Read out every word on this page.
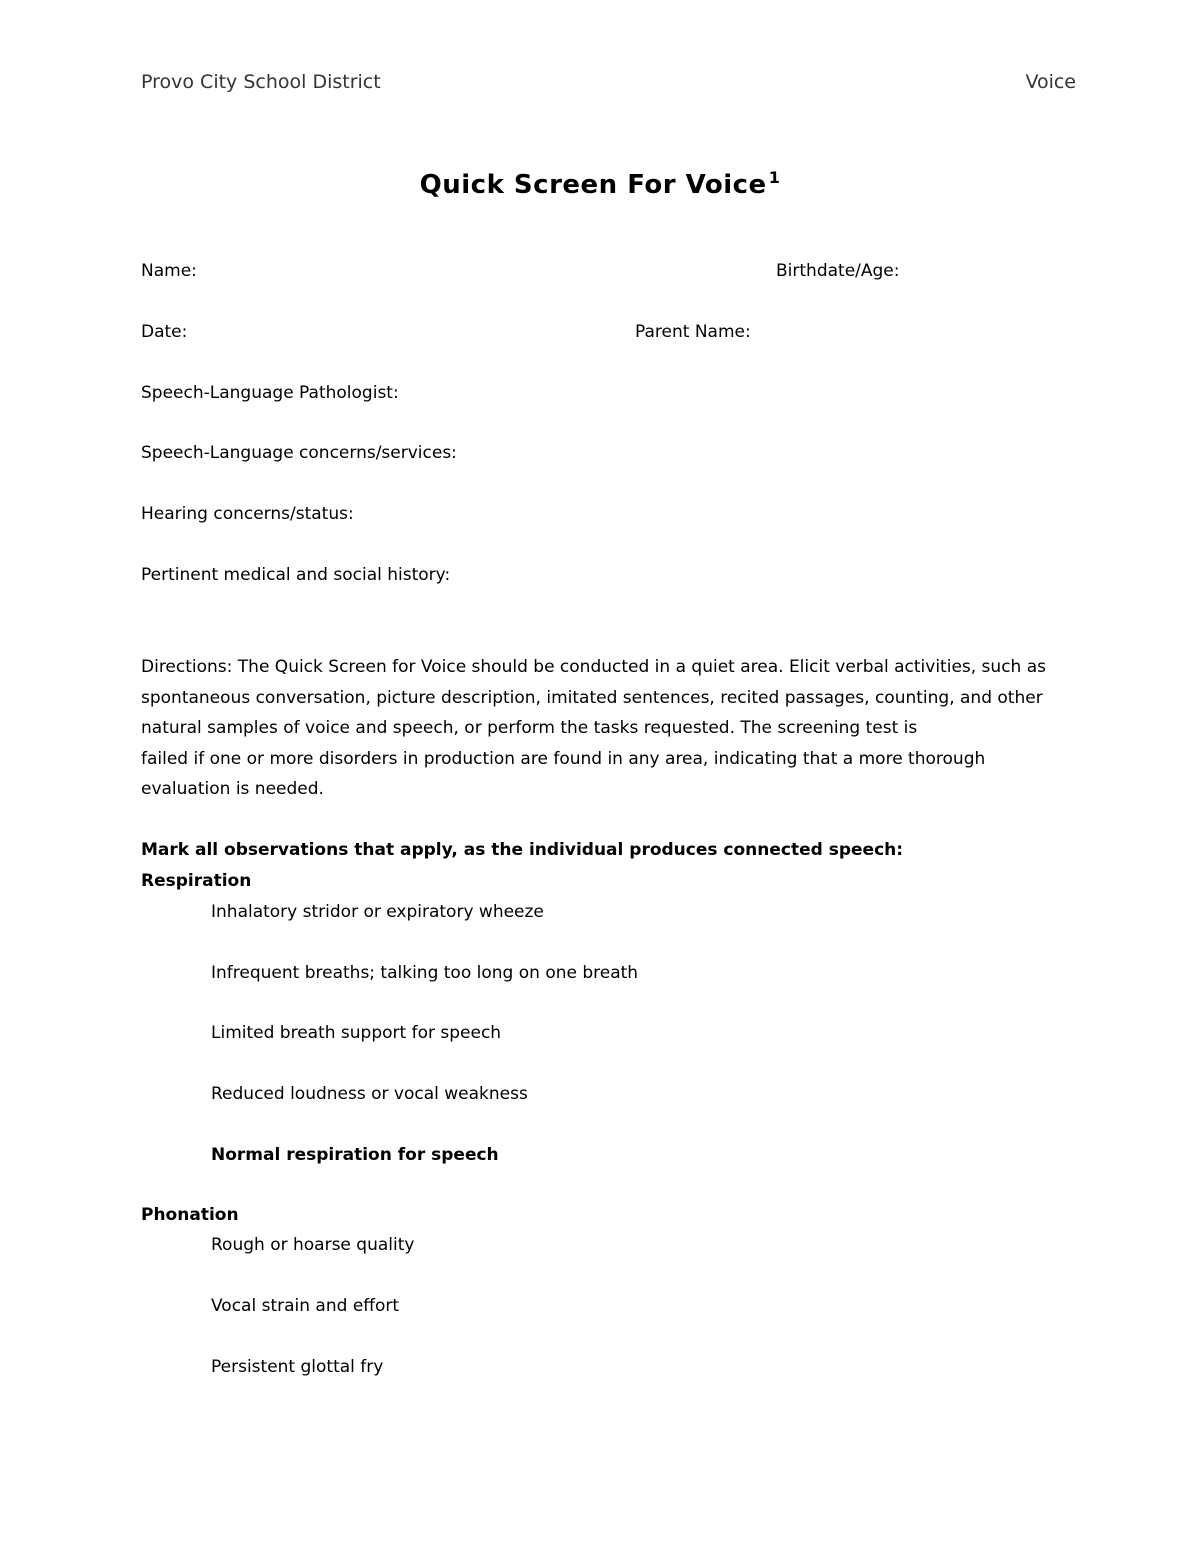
Provo City School District	Voice
Quick Screen For Voice $^1$
Name:	Birthdate/Age:
Date:	Parent Name:
Speech-Language Pathologist:
Speech-Language concerns/services:
Hearing concerns/status:
Pertinent medical and social history:
Directions: The Quick Screen for Voice should be conducted in a quiet area. Elicit verbal activities, such as
spontaneous conversation, picture description, imitated sentences, recited passages, counting, and other
natural samples of voice and speech, or perform the tasks requested. The screening test is
failed if one or more disorders in production are found in any area, indicating that a more thorough
evaluation is needed.
Mark all observations that apply, as the individual produces connected speech:
Respiration
Inhalatory stridor or expiratory wheeze
Infrequent breaths; talking too long on one breath
Limited breath support for speech
Reduced loudness or vocal weakness
Normal respiration for speech
Phonation
Rough or hoarse quality
Vocal strain and effort
Persistent glottal fry
